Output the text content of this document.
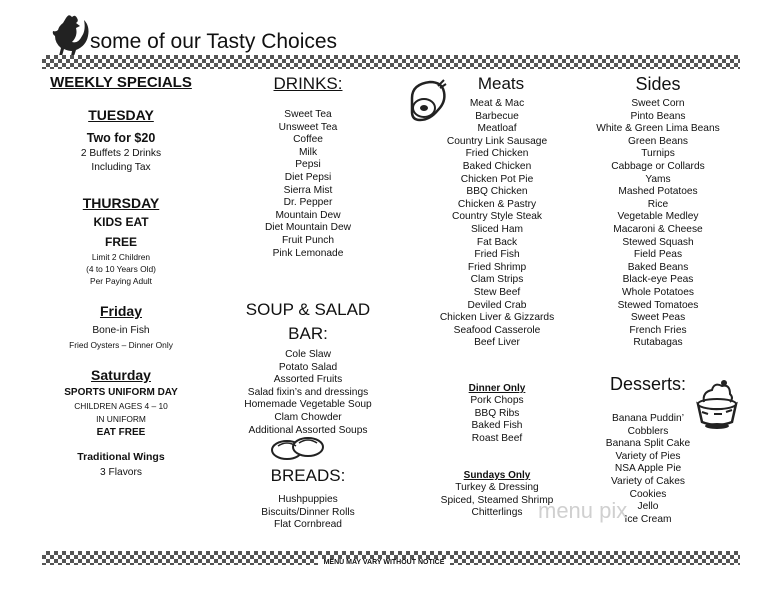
some of our Tasty Choices
MENU MAY VARY WITHOUT NOTICE
WEEKLY SPECIALS
TUESDAY
Two for $20
2 Buffets 2 Drinks
Including Tax
THURSDAY
KIDS EAT
FREE
Limit 2 Children
(4 to 10 Years Old)
Per Paying Adult
Friday
Bone-in Fish
Fried Oysters – Dinner Only
Saturday
SPORTS UNIFORM DAY
CHILDREN AGES 4 – 10
IN UNIFORM
EAT FREE
Traditional Wings
3 Flavors
DRINKS:
Sweet Tea
Unsweet Tea
Coffee
Milk
Pepsi
Diet Pepsi
Sierra Mist
Dr. Pepper
Mountain Dew
Diet Mountain Dew
Fruit Punch
Pink Lemonade
SOUP & SALAD
BAR:
Cole Slaw
Potato Salad
Assorted Fruits
Salad fixin’s and dressings
Homemade Vegetable Soup
Clam Chowder
Additional Assorted Soups
BREADS:
Hushpuppies
Biscuits/Dinner Rolls
Flat Cornbread
Meats
Meat & Mac
Barbecue
Meatloaf
Country Link Sausage
Fried Chicken
Baked Chicken
Chicken Pot Pie
BBQ Chicken
Chicken & Pastry
Country Style Steak
Sliced Ham
Fat Back
Fried Fish
Fried Shrimp
Clam Strips
Stew Beef
Deviled Crab
Chicken Liver & Gizzards
Seafood Casserole
Beef Liver
Dinner Only
Pork Chops
BBQ Ribs
Baked Fish
Roast Beef
Sundays Only
Turkey & Dressing
Spiced, Steamed Shrimp
Chitterlings
Sides
Sweet Corn
Pinto Beans
White & Green Lima Beans
Green Beans
Turnips
Cabbage or Collards
Yams
Mashed Potatoes
Rice
Vegetable Medley
Macaroni & Cheese
Stewed Squash
Field Peas
Baked Beans
Black-eye Peas
Whole Potatoes
Stewed Tomatoes
Sweet Peas
French Fries
Rutabagas
Desserts:
Banana Puddin’
Cobblers
Banana Split Cake
Variety of Pies
NSA Apple Pie
Variety of Cakes
Cookies
Jello
Ice Cream
menu pix
